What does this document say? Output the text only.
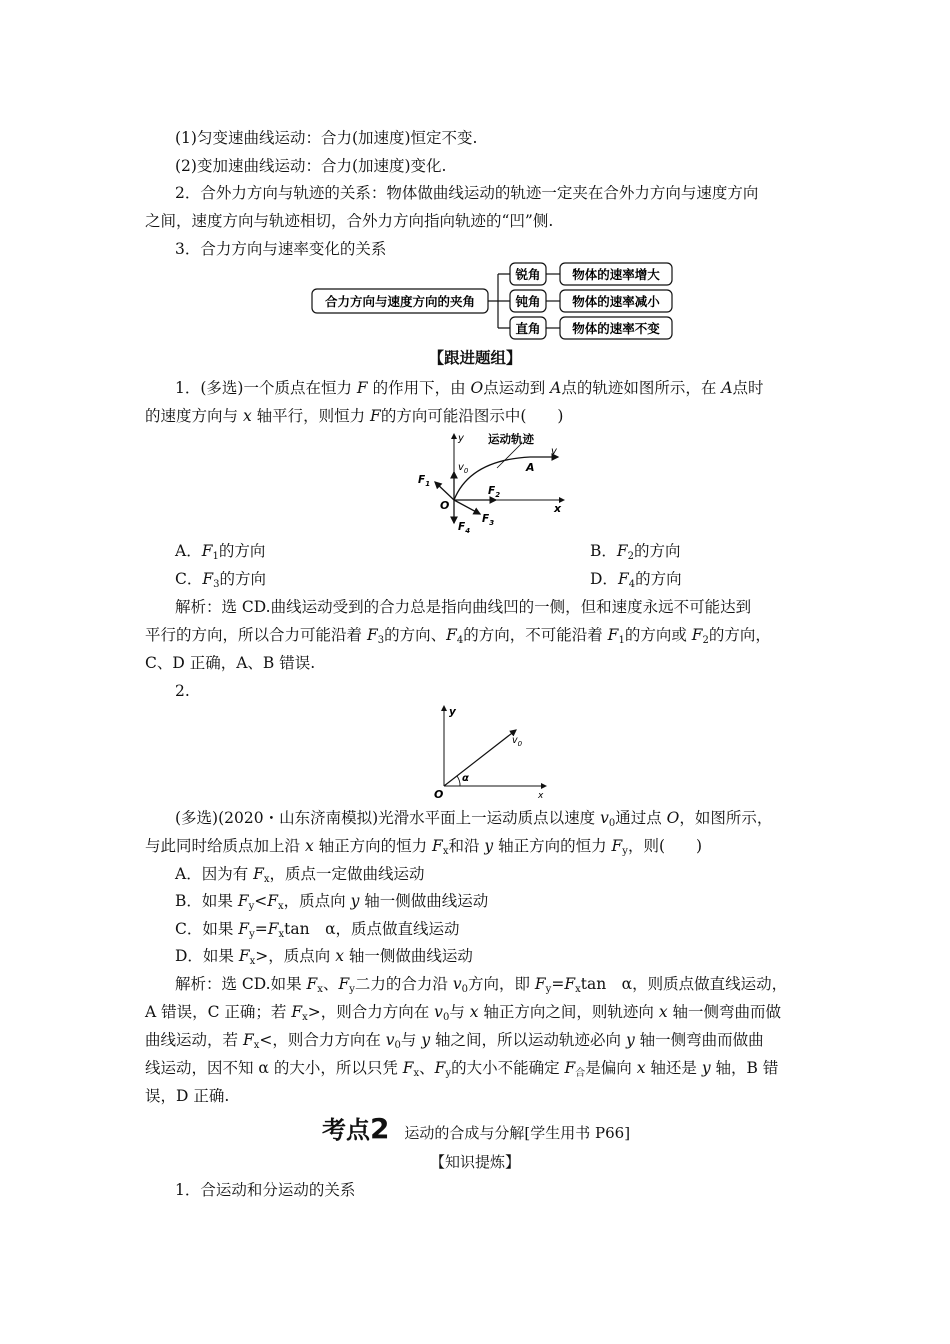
(1)匀变速曲线运动：合力(加速度)恒定不变.
(2)变加速曲线运动：合力(加速度)变化.
2．合外力方向与轨迹的关系：物体做曲线运动的轨迹一定夹在合外力方向与速度方向
之间，速度方向与轨迹相切，合外力方向指向轨迹的“凹”侧.
3．合力方向与速率变化的关系
合力方向与速度方向的夹角
锐角	物体的速率增大
钝角	物体的速率减小
直角	物体的速率不变
【跟进题组】
1．(多选)一个质点在恒力 F 的作用下，由 O点运动到 A点的轨迹如图所示，在 A点时
的速度方向与 x 轴平行，则恒力 F的方向可能沿图示中(　　)
运动轨迹
y
x
$v_0$
v
A
O
$F_1$
$F_2$
$F_3$
$F_4$
A．$F_1$的方向	B．$F_2$的方向
C．$F_3$的方向	D．$F_4$的方向
解析：选 CD.曲线运动受到的合力总是指向曲线凹的一侧，但和速度永远不可能达到
平行的方向，所以合力可能沿着 $F_3$的方向、$F_4$的方向，不可能沿着 $F_1$的方向或 $F_2$的方向，
C、D 正确，A、B 错误.
2.
y
x
$v_0$
α
O
(多选)(2020・山东济南模拟)光滑水平面上一运动质点以速度 $v_0$通过点 O，如图所示，
与此同时给质点加上沿 x 轴正方向的恒力 $F_x$和沿 y 轴正方向的恒力 $F_y$，则(　　)
A．因为有 $F_x$，质点一定做曲线运动
B．如果 $F_y<F_x$，质点向 y 轴一侧做曲线运动
C．如果 $F_y=F_x\tan$　α，质点做直线运动
D．如果 $F_x>$，质点向 x 轴一侧做曲线运动
解析：选 CD.如果 $F_x$、$F_y$二力的合力沿 $v_0$方向，即 $F_y=F_x\tan$　α，则质点做直线运动，
A 错误，C 正确；若 $F_x>$，则合力方向在 $v_0$与 x 轴正方向之间，则轨迹向 x 轴一侧弯曲而做
曲线运动，若 $F_x<$，则合力方向在 $v_0$与 y 轴之间，所以运动轨迹必向 y 轴一侧弯曲而做曲
线运动，因不知 α 的大小，所以只凭 $F_x$、$F_y$的大小不能确定 $F_合$是偏向 x 轴还是 y 轴，B 错
误，D 正确.
考点2 运动的合成与分解[学生用书 P66]
【知识提炼】
1．合运动和分运动的关系
